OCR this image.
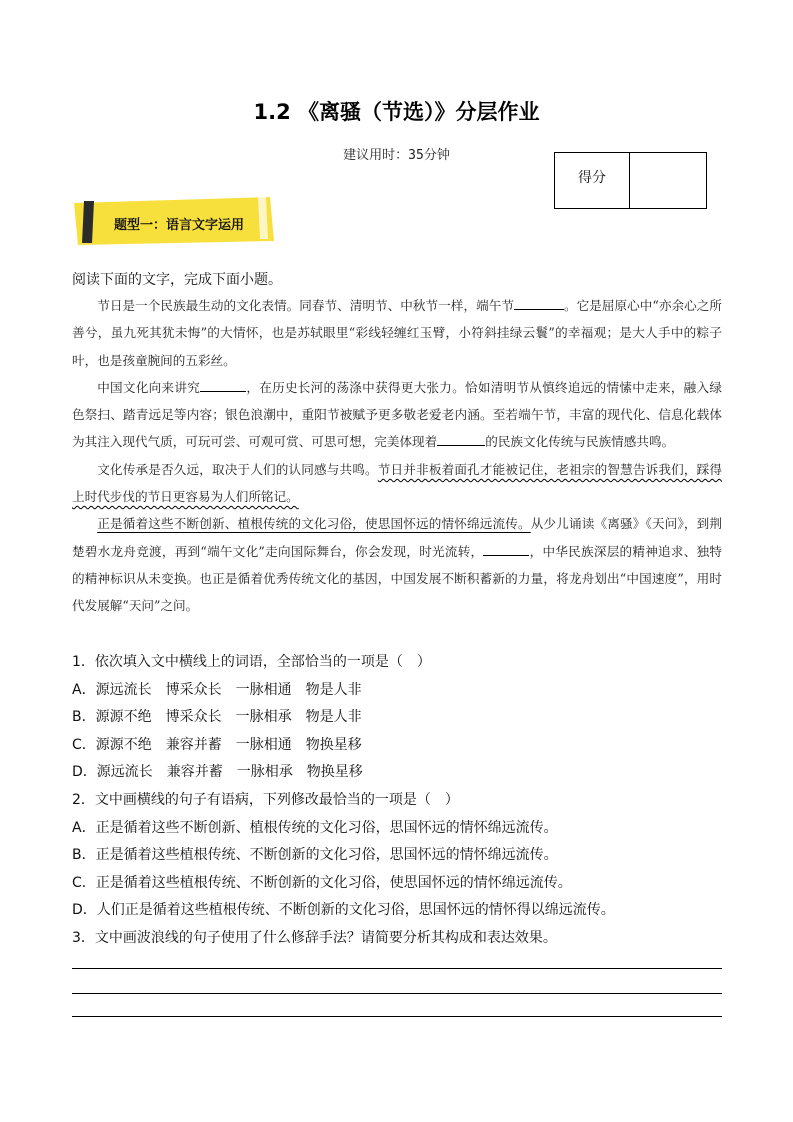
1.2 《离骚（节选）》分层作业
建议用时：35分钟
得分	
题型一：语言文字运用
阅读下面的文字，完成下面小题。

节日是一个民族最生动的文化表情。同春节、清明节、中秋节一样，端午节	。它是屈原心中“亦余心之所善兮，虽九死其犹未悔”的大情怀，也是苏轼眼里“彩线轻缠红玉臂，小符斜挂绿云鬟”的幸福观；是大人手中的粽子叶，也是孩童腕间的五彩丝。

中国文化向来讲究	，在历史长河的荡涤中获得更大张力。恰如清明节从慎终追远的情愫中走来，融入绿色祭扫、踏青远足等内容；银色浪潮中，重阳节被赋予更多敬老爱老内涵。至若端午节，丰富的现代化、信息化载体为其注入现代气质，可玩可尝、可观可赏、可思可想，完美体现着	的民族文化传统与民族情感共鸣。

文化传承是否久远，取决于人们的认同感与共鸣。节日并非板着面孔才能被记住，老祖宗的智慧告诉我们，踩得上时代步伐的节日更容易为人们所铭记。

正是循着这些不断创新、植根传统的文化习俗，使思国怀远的情怀绵远流传。从少儿诵读《离骚》《天问》，到荆楚碧水龙舟竞渡，再到“端午文化”走向国际舞台，你会发现，时光流转，	，中华民族深层的精神追求、独特的精神标识从未变换。也正是循着优秀传统文化的基因，中国发展不断积蓄新的力量，将龙舟划出“中国速度”，用时代发展解“天问”之问。

1．依次填入文中横线上的词语，全部恰当的一项是（　）
A．源远流长　博采众长　一脉相通　物是人非
B．源源不绝　博采众长　一脉相承　物是人非
C．源源不绝　兼容并蓄　一脉相通　物换星移
D．源远流长　兼容并蓄　一脉相承　物换星移
2．文中画横线的句子有语病，下列修改最恰当的一项是（　）
A．正是循着这些不断创新、植根传统的文化习俗，思国怀远的情怀绵远流传。
B．正是循着这些植根传统、不断创新的文化习俗，思国怀远的情怀绵远流传。
C．正是循着这些植根传统、不断创新的文化习俗，使思国怀远的情怀绵远流传。
D．人们正是循着这些植根传统、不断创新的文化习俗，思国怀远的情怀得以绵远流传。
3．文中画波浪线的句子使用了什么修辞手法？请简要分析其构成和表达效果。
